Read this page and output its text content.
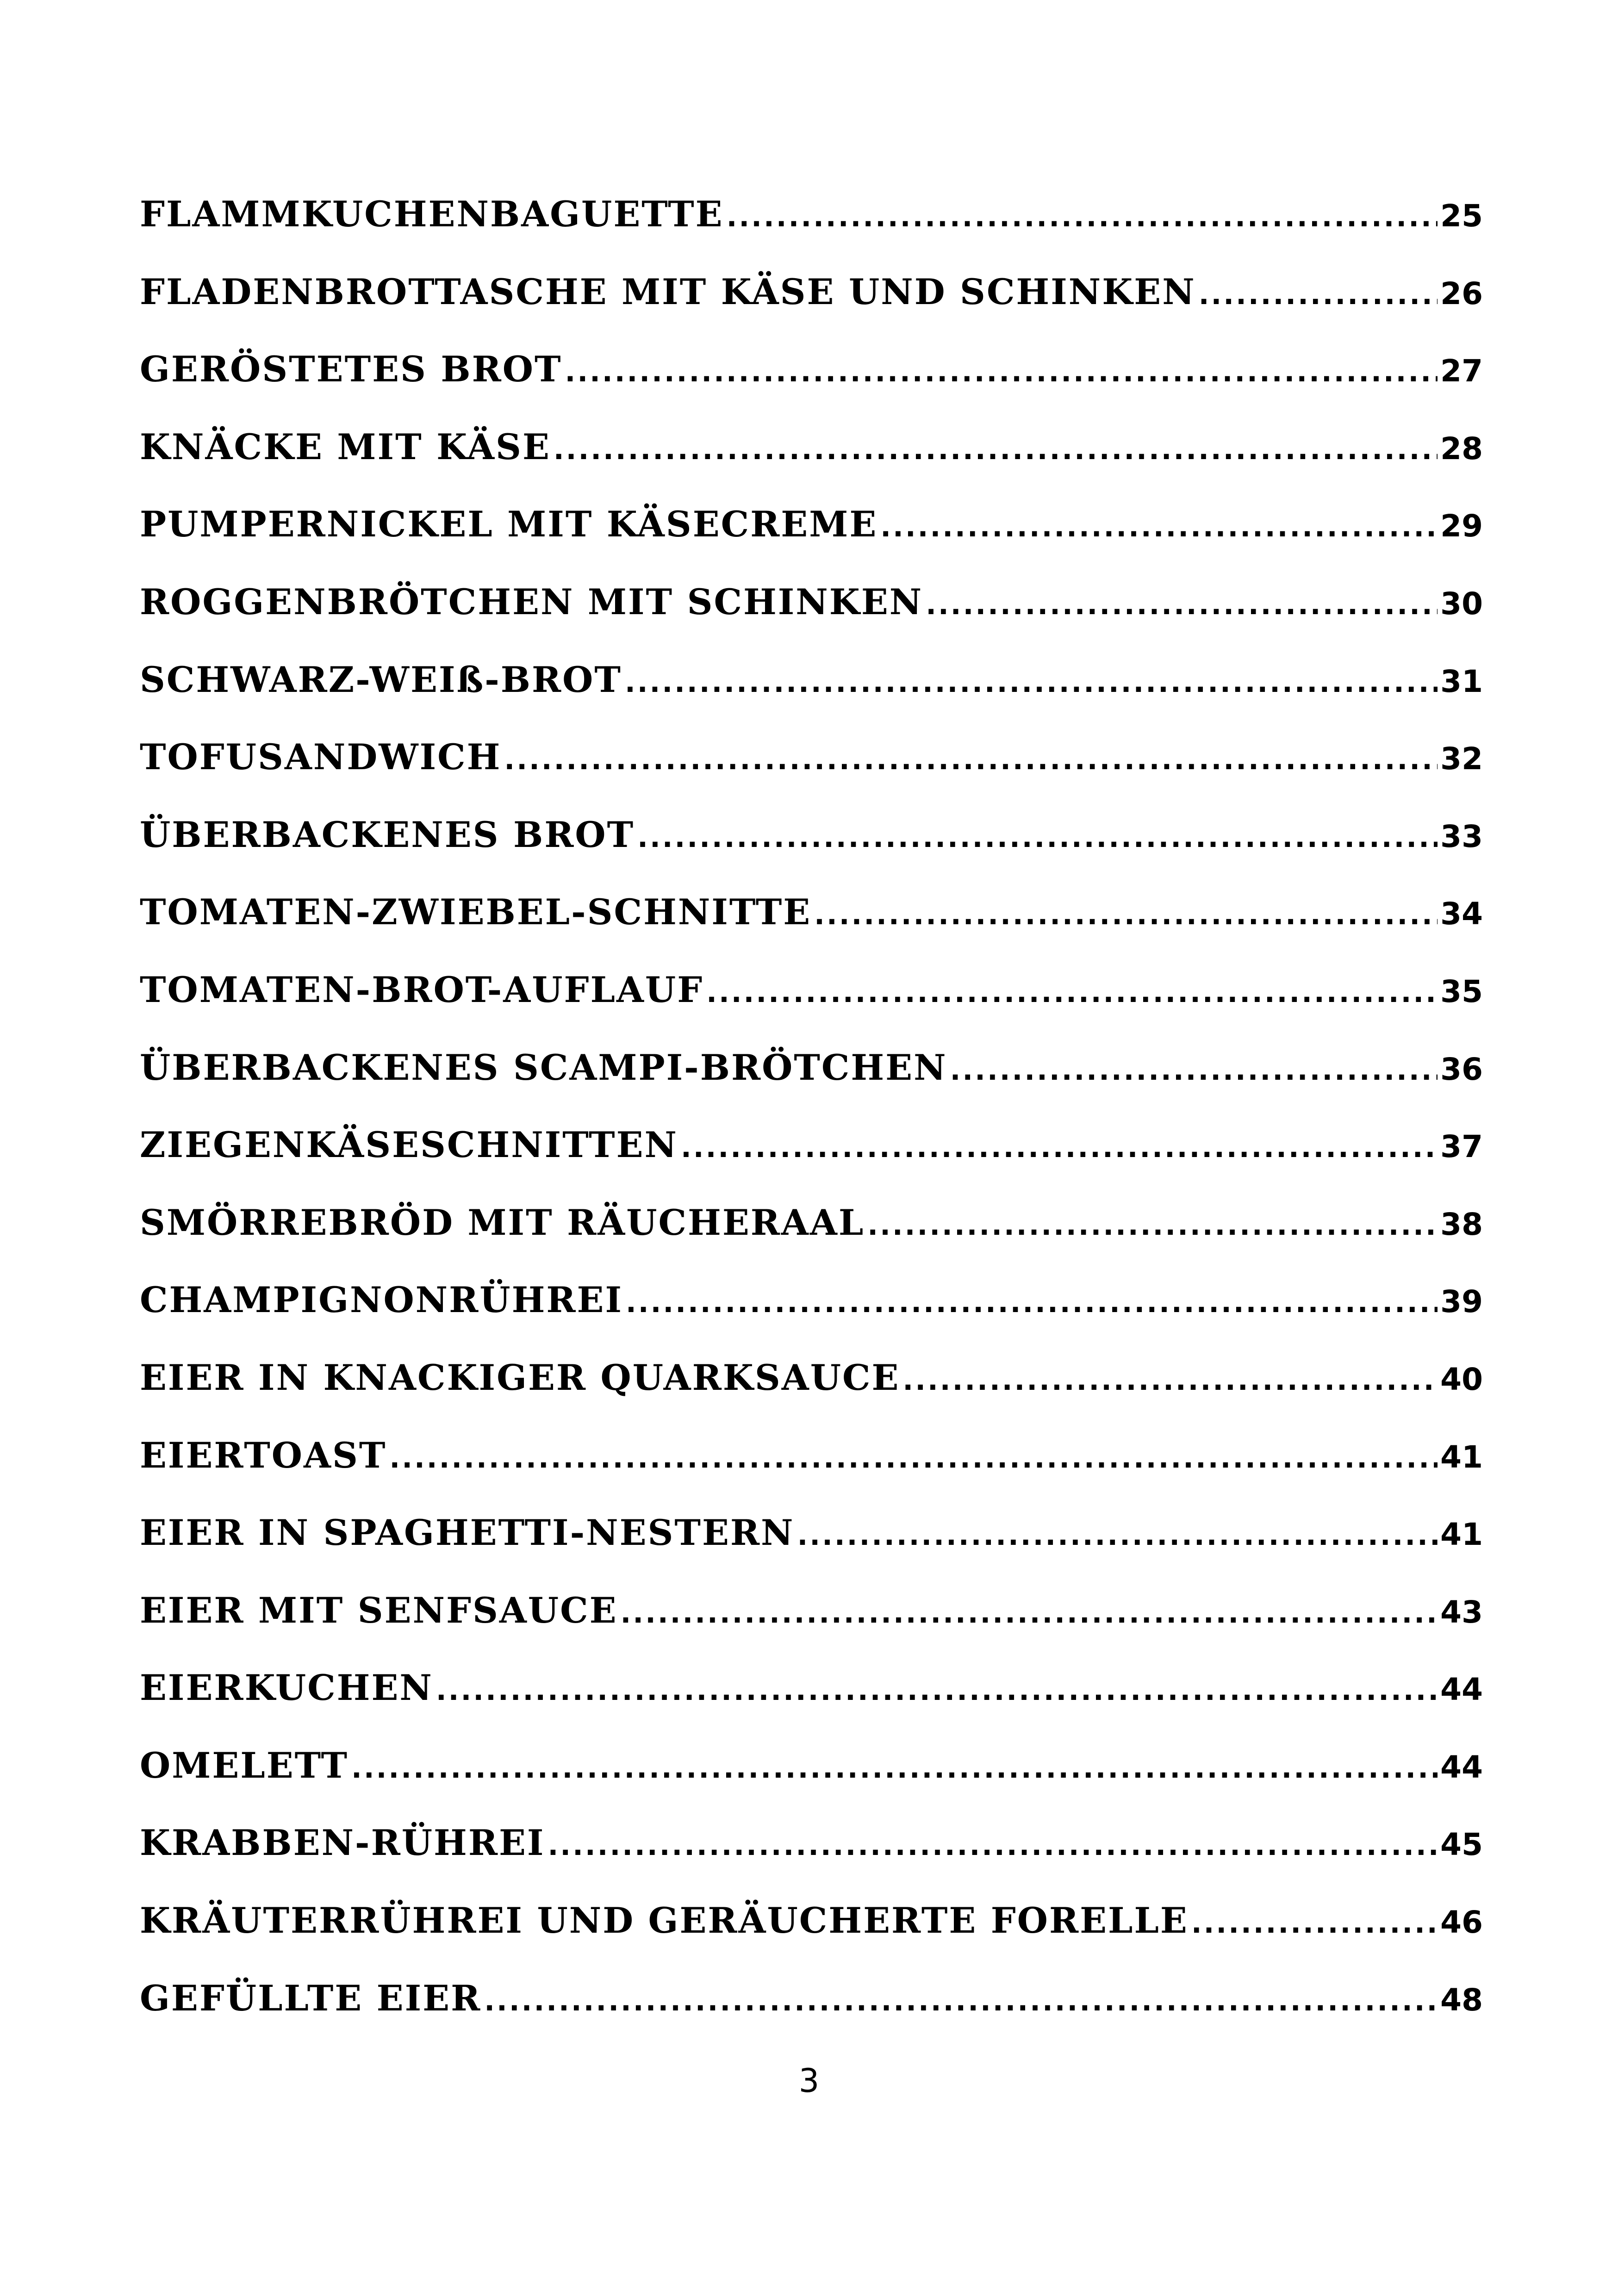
FLAMMKUCHENBAGUETTE .....	25
FLADENBROTTASCHE MIT KÄSE UND SCHINKEN .....	26
GERÖSTETES BROT .....	27
KNÄCKE MIT KÄSE .....	28
PUMPERNICKEL MIT KÄSECREME .....	29
ROGGENBRÖTCHEN MIT SCHINKEN .....	30
SCHWARZ-WEIß-BROT .....	31
TOFUSANDWICH .....	32
ÜBERBACKENES BROT .....	33
TOMATEN-ZWIEBEL-SCHNITTE .....	34
TOMATEN-BROT-AUFLAUF .....	35
ÜBERBACKENES SCAMPI-BRÖTCHEN .....	36
ZIEGENKÄSESCHNITTEN .....	37
SMÖRREBRÖD MIT RÄUCHERAAL .....	38
CHAMPIGNONRÜHREI .....	39
EIER IN KNACKIGER QUARKSAUCE .....	40
EIERTOAST .....	41
EIER IN SPAGHETTI-NESTERN .....	41
EIER MIT SENFSAUCE .....	43
EIERKUCHEN .....	44
OMELETT .....	44
KRABBEN-RÜHREI .....	45
KRÄUTERRÜHREI UND GERÄUCHERTE FORELLE .....	46
GEFÜLLTE EIER .....	48
3
